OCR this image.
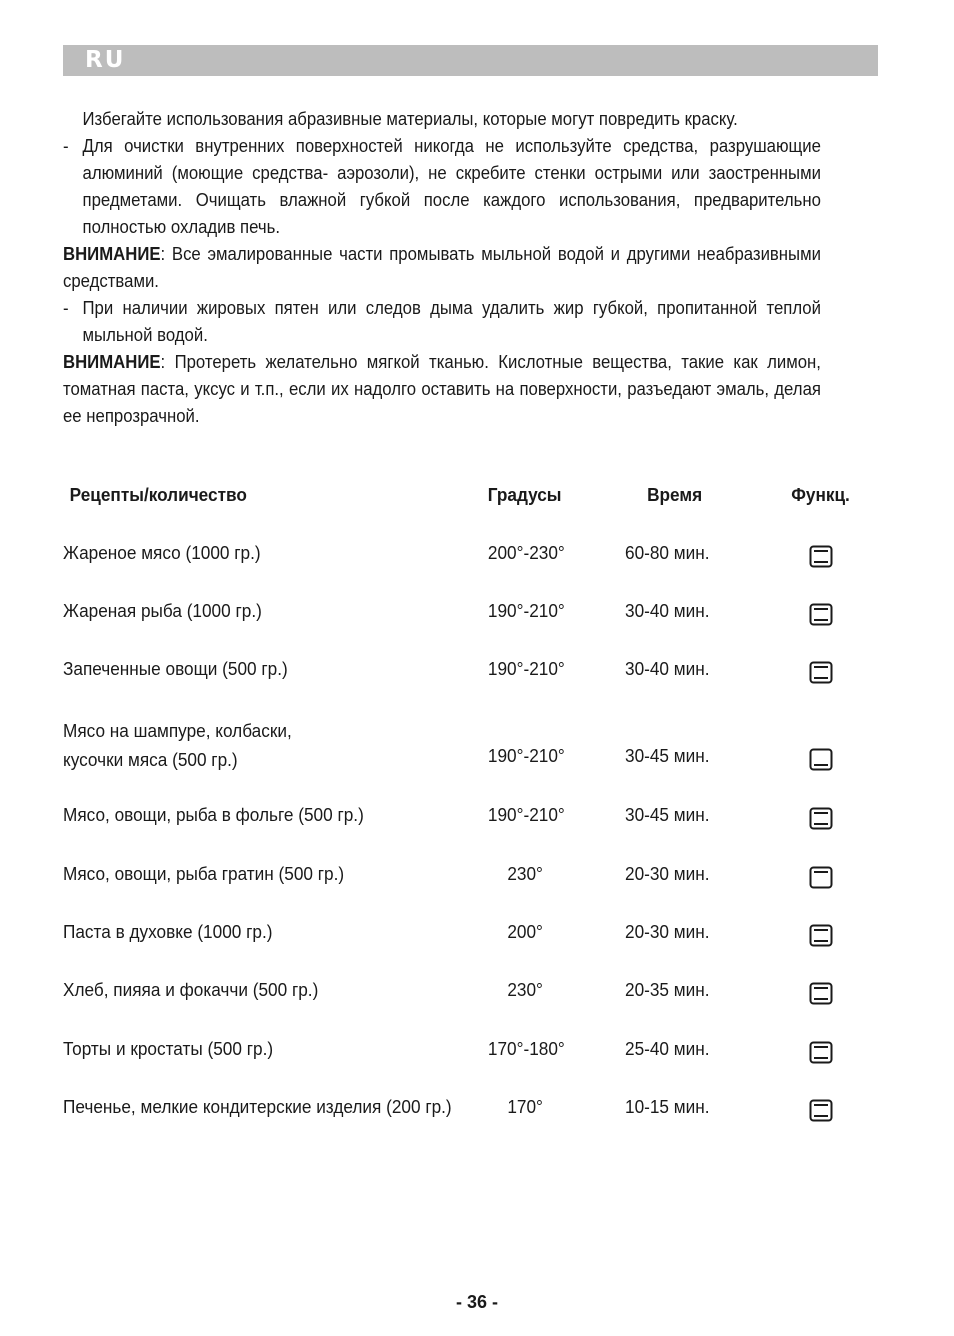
RU

Избегайте использования абразивные материалы, которые могут повредить краску.

- Для очистки внутренних поверхностей никогда не используйте средства, разрушающие алюминий (моющие средства- аэрозоли), не скребите стенки острыми или заостренными предметами. Очищать влажной губкой после каждого использования, предварительно полностью охладив печь.

ВНИМАНИЕ: Все эмалированные части промывать мыльной водой и другими неабразивными средствами.

- При наличии жировых пятен или следов дыма удалить жир губкой, пропитанной теплой мыльной водой.

ВНИМАНИЕ: Протереть желательно мягкой тканью. Кислотные вещества, такие как лимон, томатная паста, уксус и т.п., если их надолго оставить на поверхности, разъедают эмаль, делая ее непрозрачной.

Рецепты/количество	Градусы	Время	Функц.
Жареное мясо (1000 гр.)	200°-230°	60-80 мин.
Жареная рыба (1000 гр.)	190°-210°	30-40 мин.
Запеченные овощи (500 гр.)	190°-210°	30-40 мин.
Мясо на шампуре, колбаски,
кусочки мяса (500 гр.)	190°-210°	30-45 мин.
Мясо, овощи, рыба в фольге (500 гр.)	190°-210°	30-45 мин.
Мясо, овощи, рыба гратин (500 гр.)	230°	20-30 мин.
Паста в духовке (1000 гр.)	200°	20-30 мин.
Хлеб, пияяа и фокаччи (500 гр.)	230°	20-35 мин.
Торты и кростаты (500 гр.)	170°-180°	25-40 мин.
Печенье, мелкие кондитерские изделия (200 гр.)	170°	10-15 мин.
- 36 -
